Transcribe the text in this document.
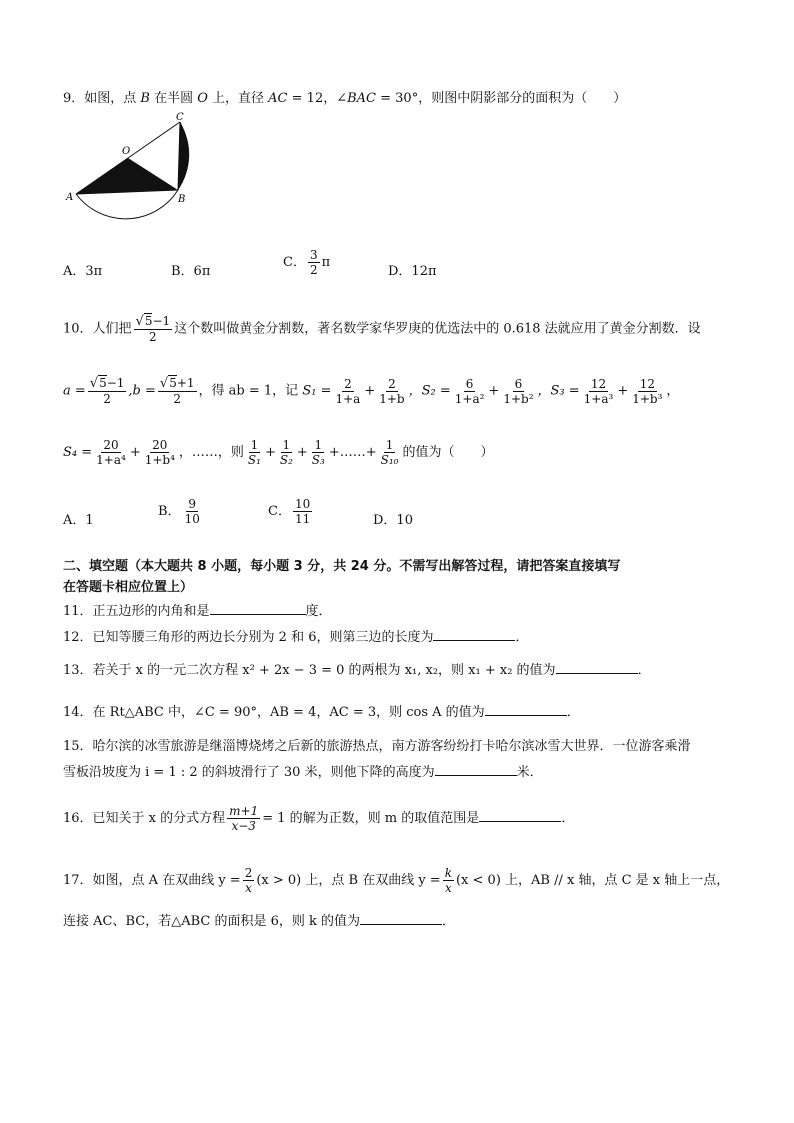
9．如图，点 B 在半圆 O 上，直径 AC = 12，∠BAC = 30°，则图中阴影部分的面积为（　　）
A	B
C
O
A．3π	B．6π
C． $\frac{3}{2}$ π
D．12π
10．人们把 $\frac{√5-1}{2}$ 这个数叫做黄金分割数，著名数学家华罗庚的优选法中的 0.618 法就应用了黄金分割数．设
$a = \frac{√5-1}{2} ,b = \frac{√5+1}{2}$ ，得 ab = 1，记 $S_1 = \frac{2}{1+a} + \frac{2}{1+b}$ ，$S_2 = \frac{6}{\text{1+a²}} + \frac{6}{\text{1+b²}}$ ，$S_3 = \frac{12}{\text{1+a³}} + \frac{12}{\text{1+b³}}$ ，
$S_4 = \frac{20}{\text{1+a⁴}} + \frac{20}{\text{1+b⁴}}$ ，……，则 $\frac{1}{\text{S₁}} + \frac{1}{\text{S₂}} + \frac{1}{\text{S₃}}$ +……+ $\frac{1}{\text{S₁₀}}$ 的值为（　　）
A．1
B． $\frac{9}{10}$	C． $\frac{10}{11}$	D．10
二、填空题（本大题共 8 小题，每小题 3 分，共 24 分。不需写出解答过程，请把答案直接填写
在答题卡相应位置上）
11．正五边形的内角和是	度．
12．已知等腰三角形的两边长分别为 2 和 6，则第三边的长度为	．
13．若关于 x 的一元二次方程 x² + 2x − 3 = 0 的两根为 x₁, x₂，则 x₁ + x₂ 的值为	．
14．在 Rt△ABC 中，∠C = 90°，AB = 4，AC = 3，则 cos A 的值为	．
15．哈尔滨的冰雪旅游是继淄博烧烤之后新的旅游热点，南方游客纷纷打卡哈尔滨冰雪大世界．一位游客乘滑
雪板沿坡度为 i = 1 : 2 的斜坡滑行了 30 米，则他下降的高度为	米．
16．已知关于 x 的分式方程 $\frac{m+1}{x-3} = 1$ 的解为正数，则 m 的取值范围是	．
17．如图，点 A 在双曲线 $y = \frac{2}{x} (x > 0)$ 上，点 B 在双曲线 $y = \frac{k}{x} (x < 0)$ 上，AB // x 轴，点 C 是 x 轴上一点，
连接 AC、BC，若△ABC 的面积是 6，则 k 的值为	．
